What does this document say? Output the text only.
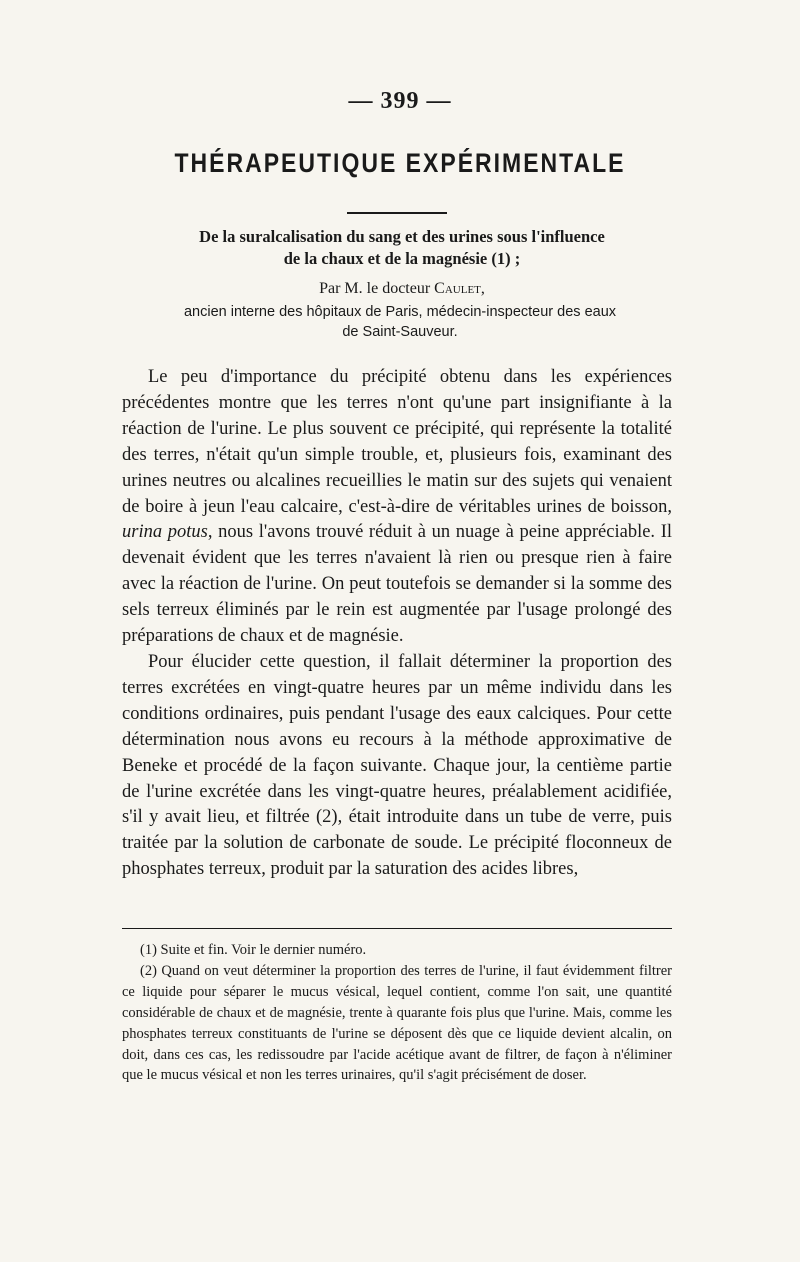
— 399 —
THÉRAPEUTIQUE EXPÉRIMENTALE
De la suralcalisation du sang et des urines sous l'influence
de la chaux et de la magnésie (1) ;
Par M. le docteur Caulet,
ancien interne des hôpitaux de Paris, médecin-inspecteur des eaux
de Saint-Sauveur.

Le peu d'importance du précipité obtenu dans les expériences précédentes montre que les terres n'ont qu'une part insignifiante à la réaction de l'urine. Le plus souvent ce précipité, qui représente la totalité des terres, n'était qu'un simple trouble, et, plusieurs fois, examinant des urines neutres ou alcalines recueillies le matin sur des sujets qui venaient de boire à jeun l'eau calcaire, c'est-à-dire de véritables urines de boisson, urina potus, nous l'avons trouvé réduit à un nuage à peine appréciable. Il devenait évident que les terres n'avaient là rien ou presque rien à faire avec la réaction de l'urine. On peut toutefois se demander si la somme des sels terreux éliminés par le rein est augmentée par l'usage prolongé des préparations de chaux et de magnésie.

Pour élucider cette question, il fallait déterminer la proportion des terres excrétées en vingt-quatre heures par un même individu dans les conditions ordinaires, puis pendant l'usage des eaux calciques. Pour cette détermination nous avons eu recours à la méthode approximative de Beneke et procédé de la façon suivante. Chaque jour, la centième partie de l'urine excrétée dans les vingt-quatre heures, préalablement acidifiée, s'il y avait lieu, et filtrée (2), était introduite dans un tube de verre, puis traitée par la solution de carbonate de soude. Le précipité floconneux de phosphates terreux, produit par la saturation des acides libres,

(1) Suite et fin. Voir le dernier numéro.

(2) Quand on veut déterminer la proportion des terres de l'urine, il faut évidemment filtrer ce liquide pour séparer le mucus vésical, lequel contient, comme l'on sait, une quantité considérable de chaux et de magnésie, trente à quarante fois plus que l'urine. Mais, comme les phosphates terreux constituants de l'urine se déposent dès que ce liquide devient alcalin, on doit, dans ces cas, les redissoudre par l'acide acétique avant de filtrer, de façon à n'éliminer que le mucus vésical et non les terres urinaires, qu'il s'agit précisément de doser.
